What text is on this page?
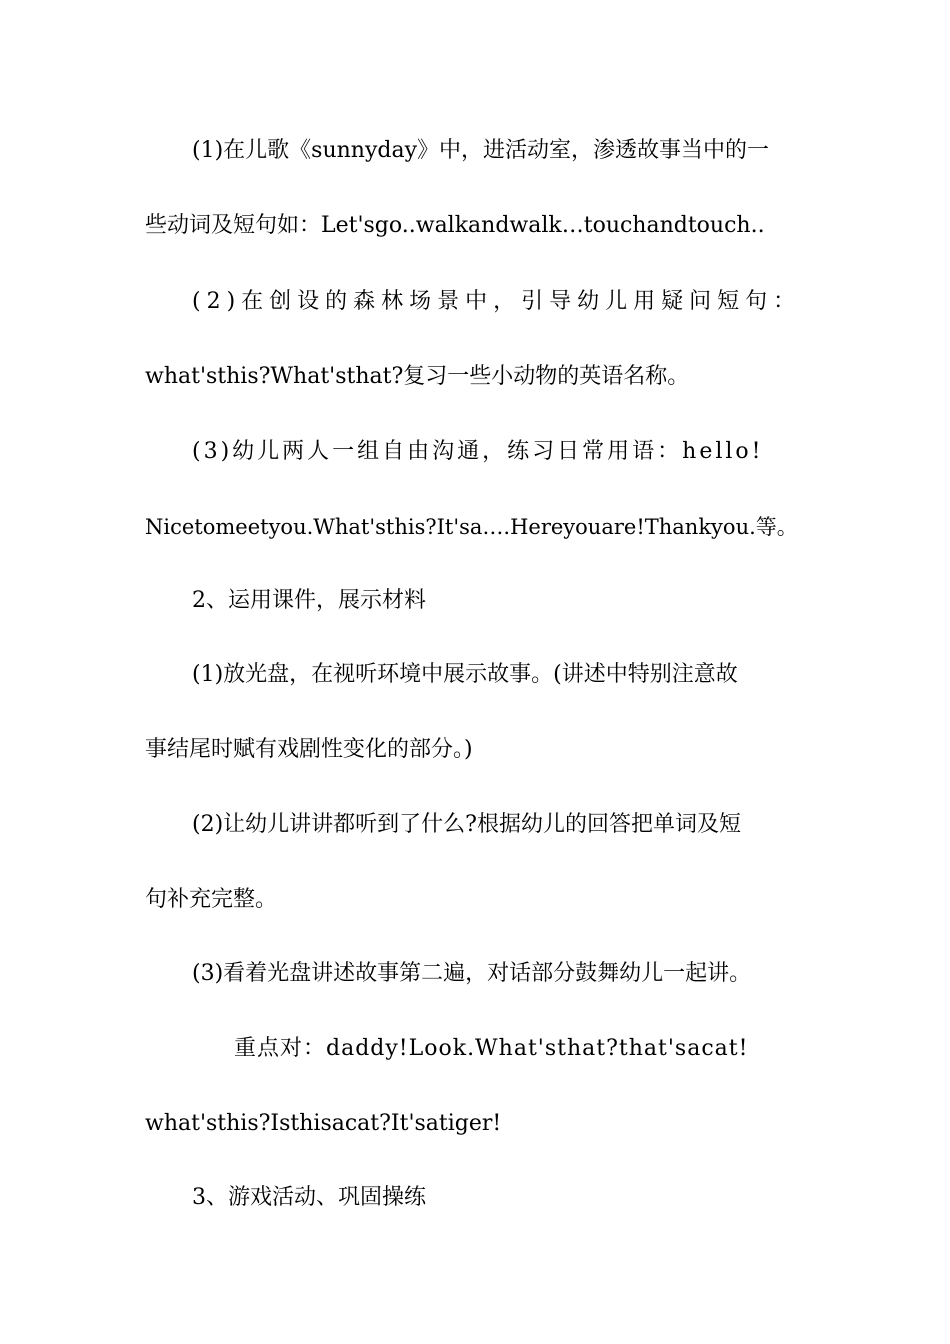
(1)在儿歌《sunnyday》中，进活动室，渗透故事当中的一
些动词及短句如：Let'sgo..walkandwalk…touchandtouch..
(2)在创设的森林场景中，引导幼儿用疑问短句：
what'sthis?What'sthat?复习一些小动物的英语名称。
(3)幼儿两人一组自由沟通，练习日常用语：hello!
Nicetomeetyou.What'sthis?It'sa….Hereyouare!Thankyou.等。
2、运用课件，展示材料
(1)放光盘，在视听环境中展示故事。(讲述中特别注意故
事结尾时赋有戏剧性变化的部分。)
(2)让幼儿讲讲都听到了什么?根据幼儿的回答把单词及短
句补充完整。
(3)看着光盘讲述故事第二遍，对话部分鼓舞幼儿一起讲。
重点对：daddy!Look.What'sthat?that'sacat!
what'sthis?Isthisacat?It'satiger!
3、游戏活动、巩固操练
